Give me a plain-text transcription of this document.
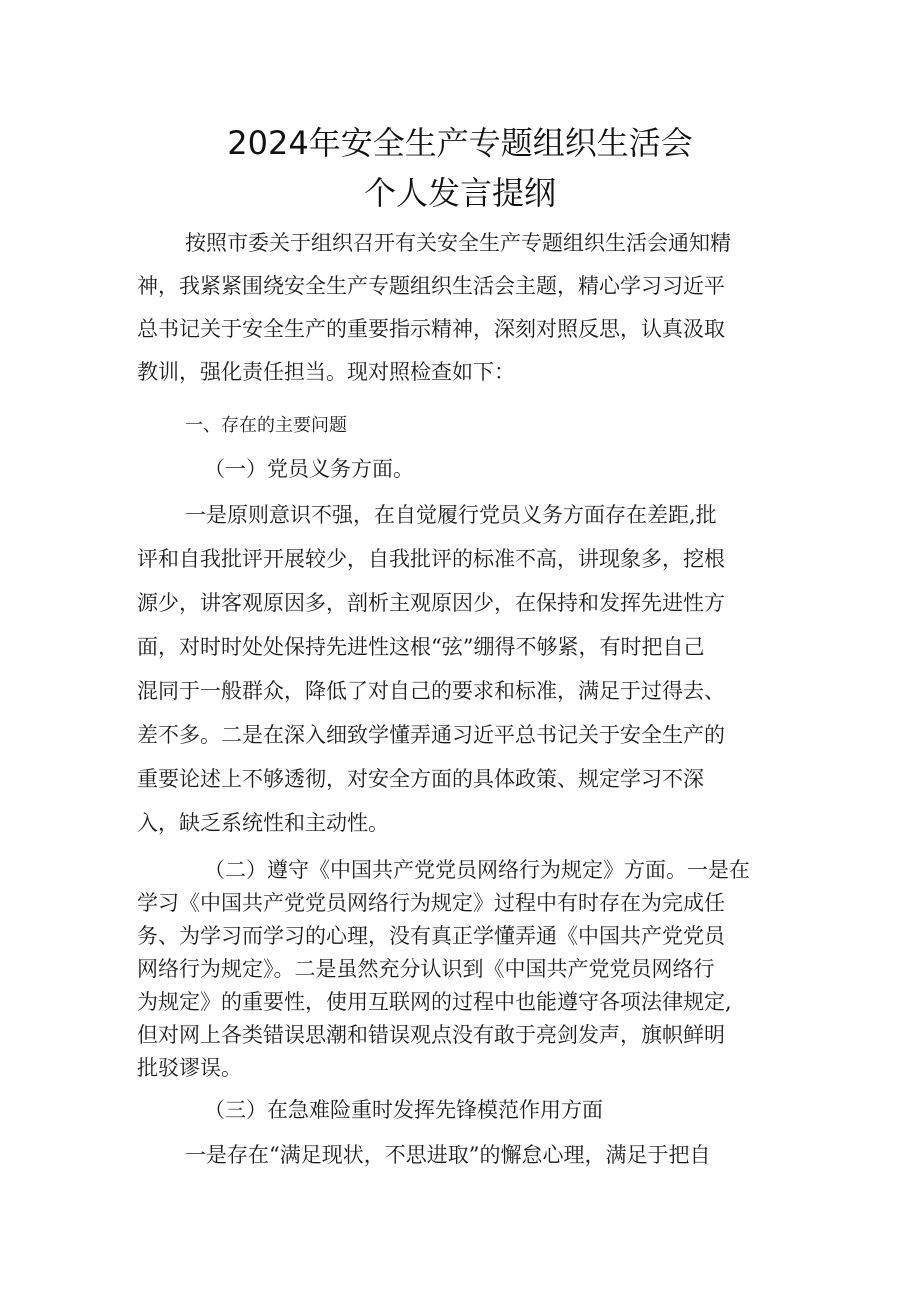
2024年安全生产专题组织生活会
个人发言提纲
按照市委关于组织召开有关安全生产专题组织生活会通知精
神，我紧紧围绕安全生产专题组织生活会主题，精心学习习近平
总书记关于安全生产的重要指示精神，深刻对照反思，认真汲取
教训，强化责任担当。现对照检查如下：
一、存在的主要问题
（一）党员义务方面。
一是原则意识不强，在自觉履行党员义务方面存在差距,批
评和自我批评开展较少，自我批评的标准不高，讲现象多，挖根
源少，讲客观原因多，剖析主观原因少，在保持和发挥先进性方
面，对时时处处保持先进性这根“弦”绷得不够紧，有时把自己
混同于一般群众，降低了对自己的要求和标准，满足于过得去、
差不多。二是在深入细致学懂弄通习近平总书记关于安全生产的
重要论述上不够透彻，对安全方面的具体政策、规定学习不深
入，缺乏系统性和主动性。
（二）遵守《中国共产党党员网络行为规定》方面。一是在
学习《中国共产党党员网络行为规定》过程中有时存在为完成任
务、为学习而学习的心理，没有真正学懂弄通《中国共产党党员
网络行为规定》。二是虽然充分认识到《中国共产党党员网络行
为规定》的重要性，使用互联网的过程中也能遵守各项法律规定,
但对网上各类错误思潮和错误观点没有敢于亮剑发声，旗帜鲜明
批驳谬误。
（三）在急难险重时发挥先锋模范作用方面
一是存在“满足现状，不思进取”的懈怠心理，满足于把自
